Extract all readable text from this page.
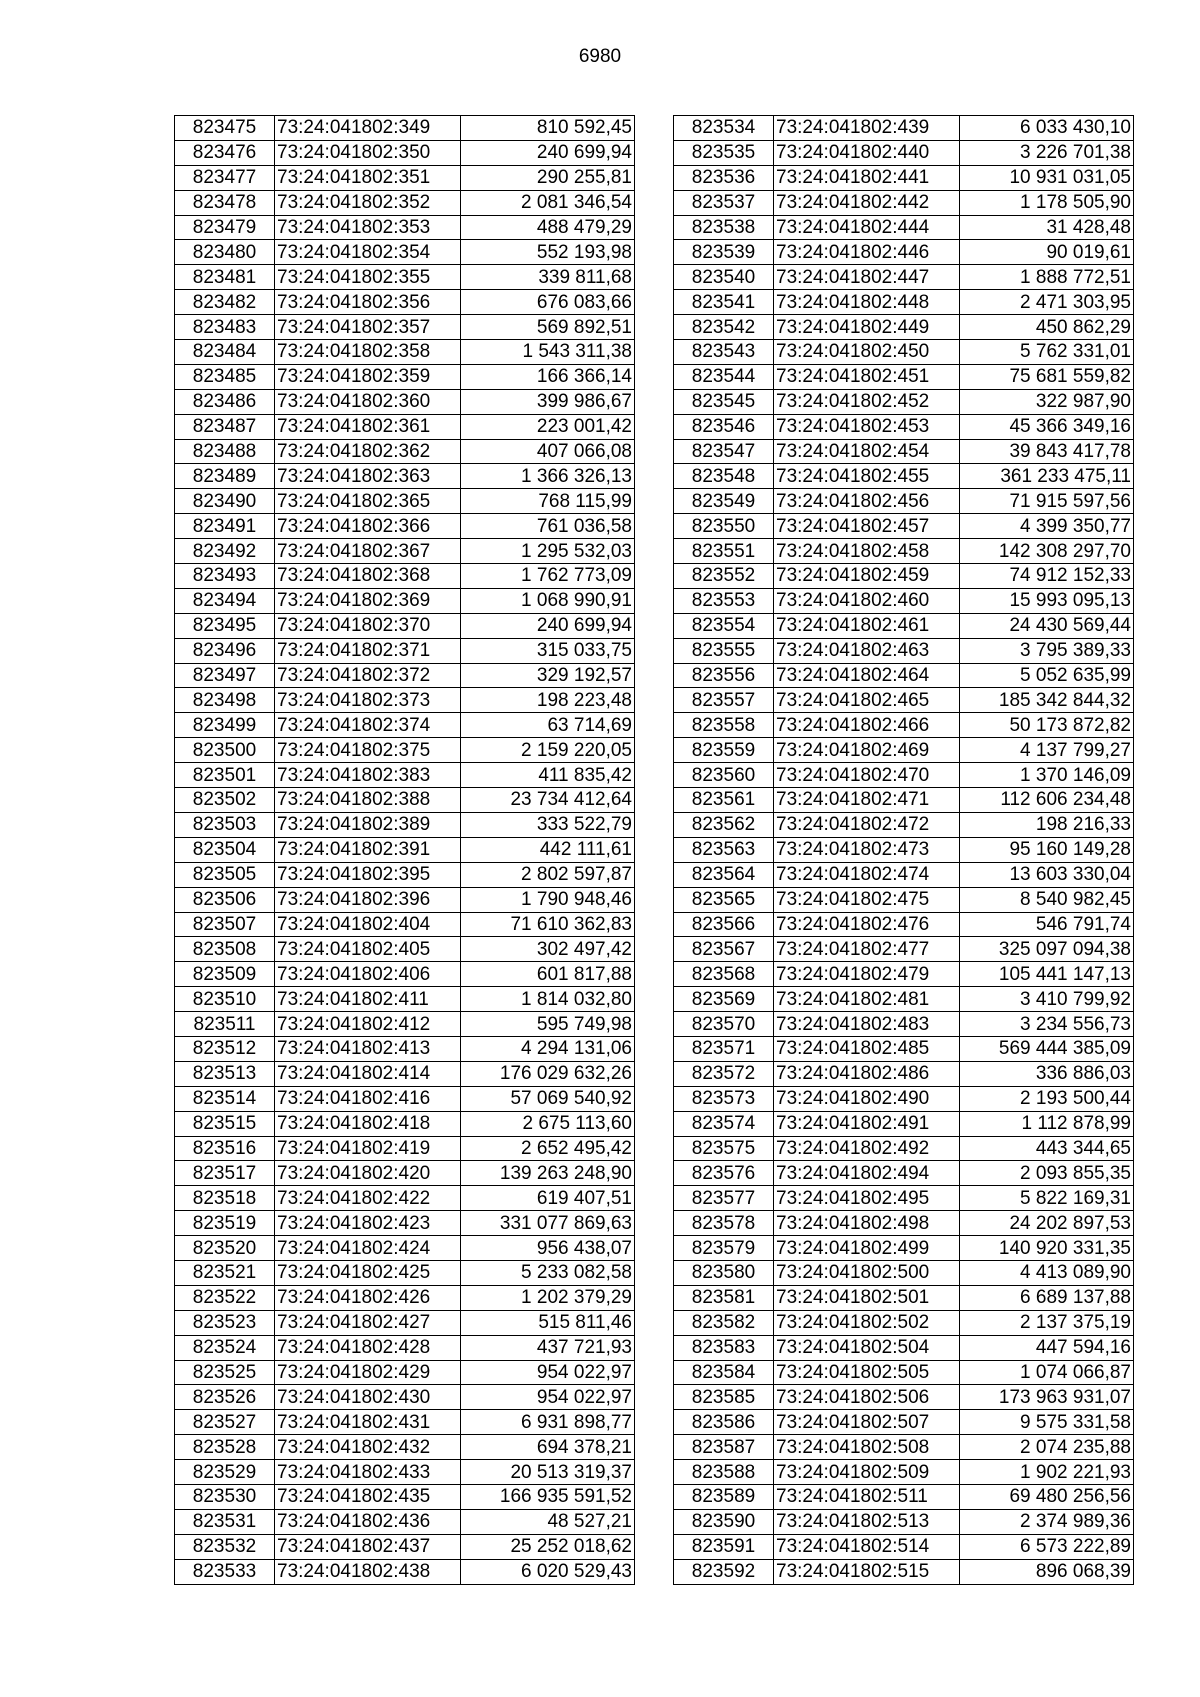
6980
823475	73:24:041802:349	810 592,45
823476	73:24:041802:350	240 699,94
823477	73:24:041802:351	290 255,81
823478	73:24:041802:352	2 081 346,54
823479	73:24:041802:353	488 479,29
823480	73:24:041802:354	552 193,98
823481	73:24:041802:355	339 811,68
823482	73:24:041802:356	676 083,66
823483	73:24:041802:357	569 892,51
823484	73:24:041802:358	1 543 311,38
823485	73:24:041802:359	166 366,14
823486	73:24:041802:360	399 986,67
823487	73:24:041802:361	223 001,42
823488	73:24:041802:362	407 066,08
823489	73:24:041802:363	1 366 326,13
823490	73:24:041802:365	768 115,99
823491	73:24:041802:366	761 036,58
823492	73:24:041802:367	1 295 532,03
823493	73:24:041802:368	1 762 773,09
823494	73:24:041802:369	1 068 990,91
823495	73:24:041802:370	240 699,94
823496	73:24:041802:371	315 033,75
823497	73:24:041802:372	329 192,57
823498	73:24:041802:373	198 223,48
823499	73:24:041802:374	63 714,69
823500	73:24:041802:375	2 159 220,05
823501	73:24:041802:383	411 835,42
823502	73:24:041802:388	23 734 412,64
823503	73:24:041802:389	333 522,79
823504	73:24:041802:391	442 111,61
823505	73:24:041802:395	2 802 597,87
823506	73:24:041802:396	1 790 948,46
823507	73:24:041802:404	71 610 362,83
823508	73:24:041802:405	302 497,42
823509	73:24:041802:406	601 817,88
823510	73:24:041802:411	1 814 032,80
823511	73:24:041802:412	595 749,98
823512	73:24:041802:413	4 294 131,06
823513	73:24:041802:414	176 029 632,26
823514	73:24:041802:416	57 069 540,92
823515	73:24:041802:418	2 675 113,60
823516	73:24:041802:419	2 652 495,42
823517	73:24:041802:420	139 263 248,90
823518	73:24:041802:422	619 407,51
823519	73:24:041802:423	331 077 869,63
823520	73:24:041802:424	956 438,07
823521	73:24:041802:425	5 233 082,58
823522	73:24:041802:426	1 202 379,29
823523	73:24:041802:427	515 811,46
823524	73:24:041802:428	437 721,93
823525	73:24:041802:429	954 022,97
823526	73:24:041802:430	954 022,97
823527	73:24:041802:431	6 931 898,77
823528	73:24:041802:432	694 378,21
823529	73:24:041802:433	20 513 319,37
823530	73:24:041802:435	166 935 591,52
823531	73:24:041802:436	48 527,21
823532	73:24:041802:437	25 252 018,62
823533	73:24:041802:438	6 020 529,43
823534	73:24:041802:439	6 033 430,10
823535	73:24:041802:440	3 226 701,38
823536	73:24:041802:441	10 931 031,05
823537	73:24:041802:442	1 178 505,90
823538	73:24:041802:444	31 428,48
823539	73:24:041802:446	90 019,61
823540	73:24:041802:447	1 888 772,51
823541	73:24:041802:448	2 471 303,95
823542	73:24:041802:449	450 862,29
823543	73:24:041802:450	5 762 331,01
823544	73:24:041802:451	75 681 559,82
823545	73:24:041802:452	322 987,90
823546	73:24:041802:453	45 366 349,16
823547	73:24:041802:454	39 843 417,78
823548	73:24:041802:455	361 233 475,11
823549	73:24:041802:456	71 915 597,56
823550	73:24:041802:457	4 399 350,77
823551	73:24:041802:458	142 308 297,70
823552	73:24:041802:459	74 912 152,33
823553	73:24:041802:460	15 993 095,13
823554	73:24:041802:461	24 430 569,44
823555	73:24:041802:463	3 795 389,33
823556	73:24:041802:464	5 052 635,99
823557	73:24:041802:465	185 342 844,32
823558	73:24:041802:466	50 173 872,82
823559	73:24:041802:469	4 137 799,27
823560	73:24:041802:470	1 370 146,09
823561	73:24:041802:471	112 606 234,48
823562	73:24:041802:472	198 216,33
823563	73:24:041802:473	95 160 149,28
823564	73:24:041802:474	13 603 330,04
823565	73:24:041802:475	8 540 982,45
823566	73:24:041802:476	546 791,74
823567	73:24:041802:477	325 097 094,38
823568	73:24:041802:479	105 441 147,13
823569	73:24:041802:481	3 410 799,92
823570	73:24:041802:483	3 234 556,73
823571	73:24:041802:485	569 444 385,09
823572	73:24:041802:486	336 886,03
823573	73:24:041802:490	2 193 500,44
823574	73:24:041802:491	1 112 878,99
823575	73:24:041802:492	443 344,65
823576	73:24:041802:494	2 093 855,35
823577	73:24:041802:495	5 822 169,31
823578	73:24:041802:498	24 202 897,53
823579	73:24:041802:499	140 920 331,35
823580	73:24:041802:500	4 413 089,90
823581	73:24:041802:501	6 689 137,88
823582	73:24:041802:502	2 137 375,19
823583	73:24:041802:504	447 594,16
823584	73:24:041802:505	1 074 066,87
823585	73:24:041802:506	173 963 931,07
823586	73:24:041802:507	9 575 331,58
823587	73:24:041802:508	2 074 235,88
823588	73:24:041802:509	1 902 221,93
823589	73:24:041802:511	69 480 256,56
823590	73:24:041802:513	2 374 989,36
823591	73:24:041802:514	6 573 222,89
823592	73:24:041802:515	896 068,39
